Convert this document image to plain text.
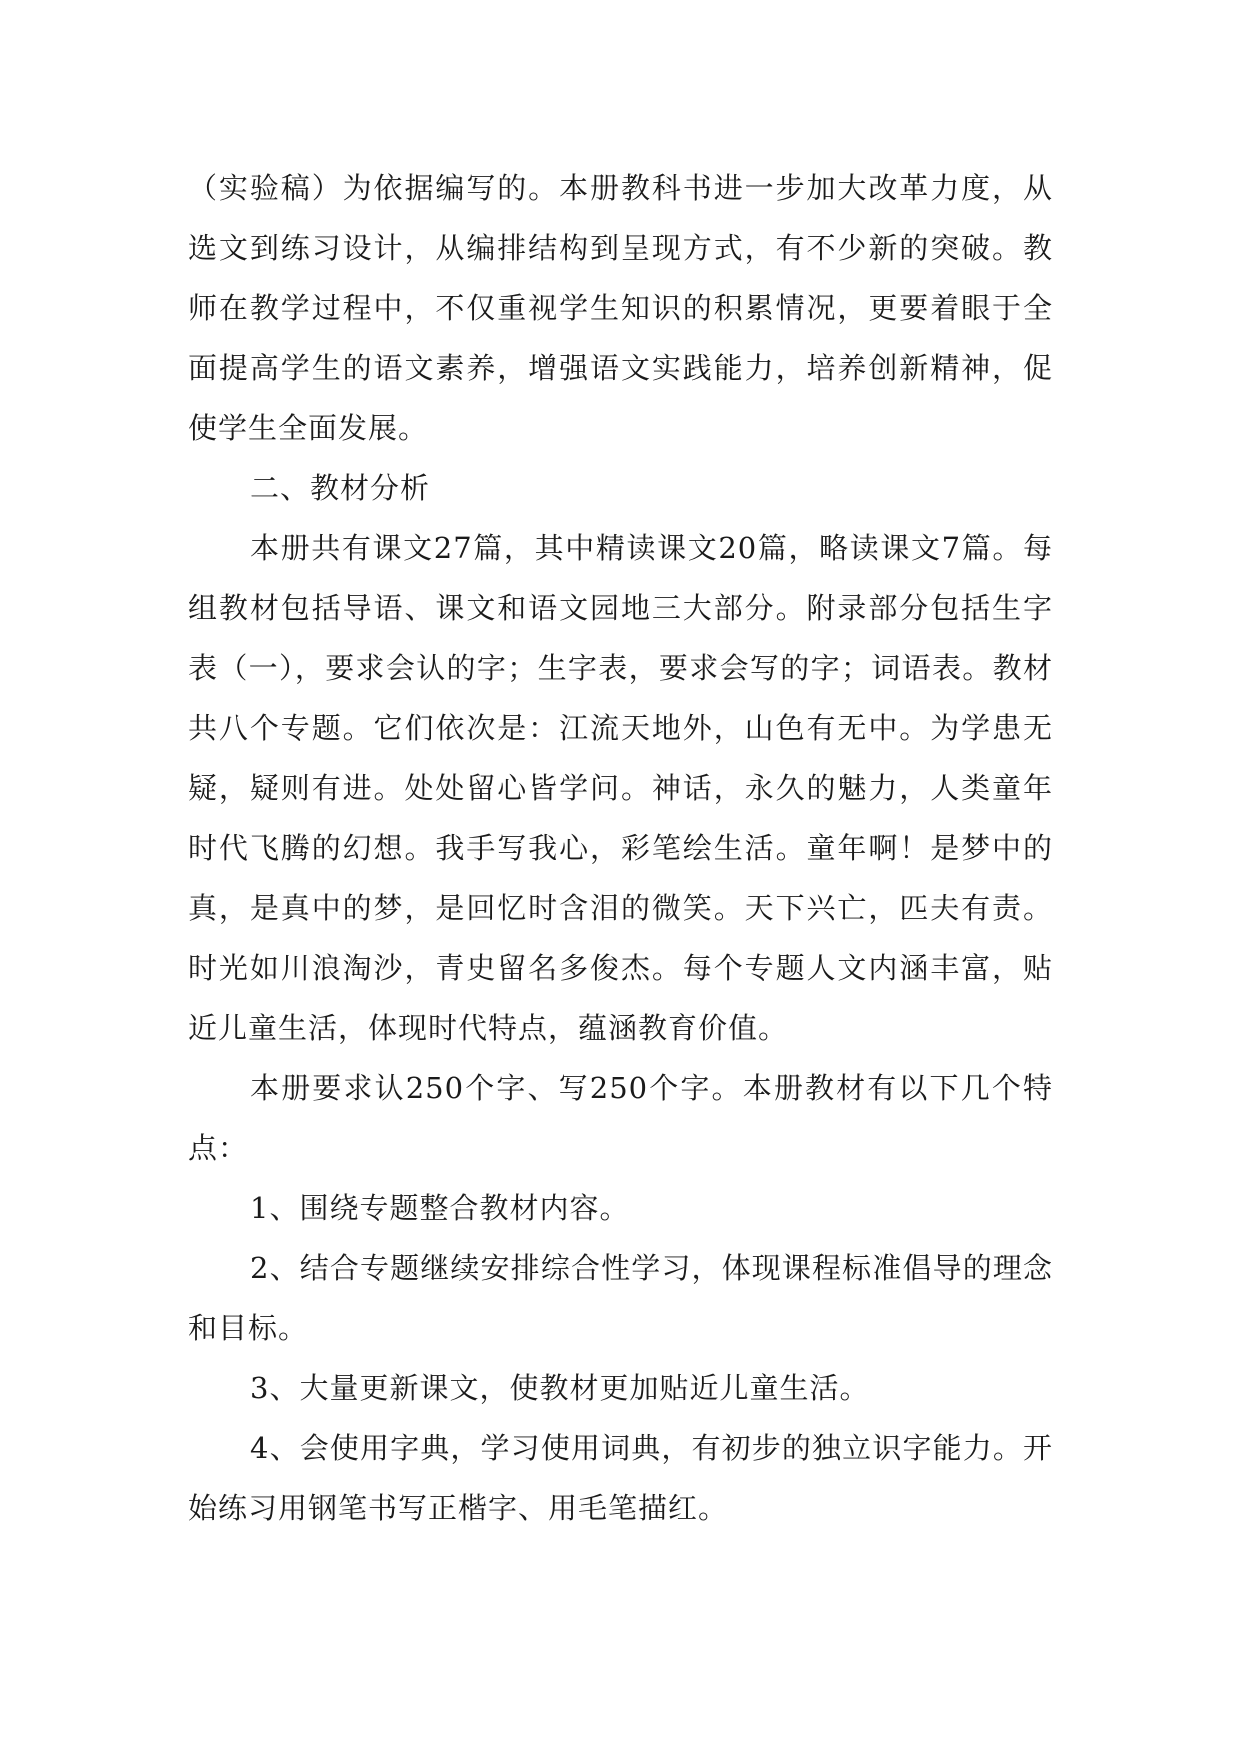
（实验稿）为依据编写的。本册教科书进一步加大改革力度，从选文到练习设计，从编排结构到呈现方式，有不少新的突破。教师在教学过程中，不仅重视学生知识的积累情况，更要着眼于全面提高学生的语文素养，增强语文实践能力，培养创新精神，促使学生全面发展。

二、教材分析

本册共有课文27篇，其中精读课文20篇，略读课文7篇。每组教材包括导语、课文和语文园地三大部分。附录部分包括生字表（一），要求会认的字；生字表，要求会写的字；词语表。教材共八个专题。它们依次是：江流天地外，山色有无中。为学患无疑，疑则有进。处处留心皆学问。神话，永久的魅力，人类童年时代飞腾的幻想。我手写我心，彩笔绘生活。童年啊！是梦中的真，是真中的梦，是回忆时含泪的微笑。天下兴亡，匹夫有责。时光如川浪淘沙，青史留名多俊杰。每个专题人文内涵丰富，贴近儿童生活，体现时代特点，蕴涵教育价值。

本册要求认250个字、写250个字。本册教材有以下几个特点：

1、围绕专题整合教材内容。

2、结合专题继续安排综合性学习，体现课程标准倡导的理念和目标。

3、大量更新课文，使教材更加贴近儿童生活。

4、会使用字典，学习使用词典，有初步的独立识字能力。开始练习用钢笔书写正楷字、用毛笔描红。
